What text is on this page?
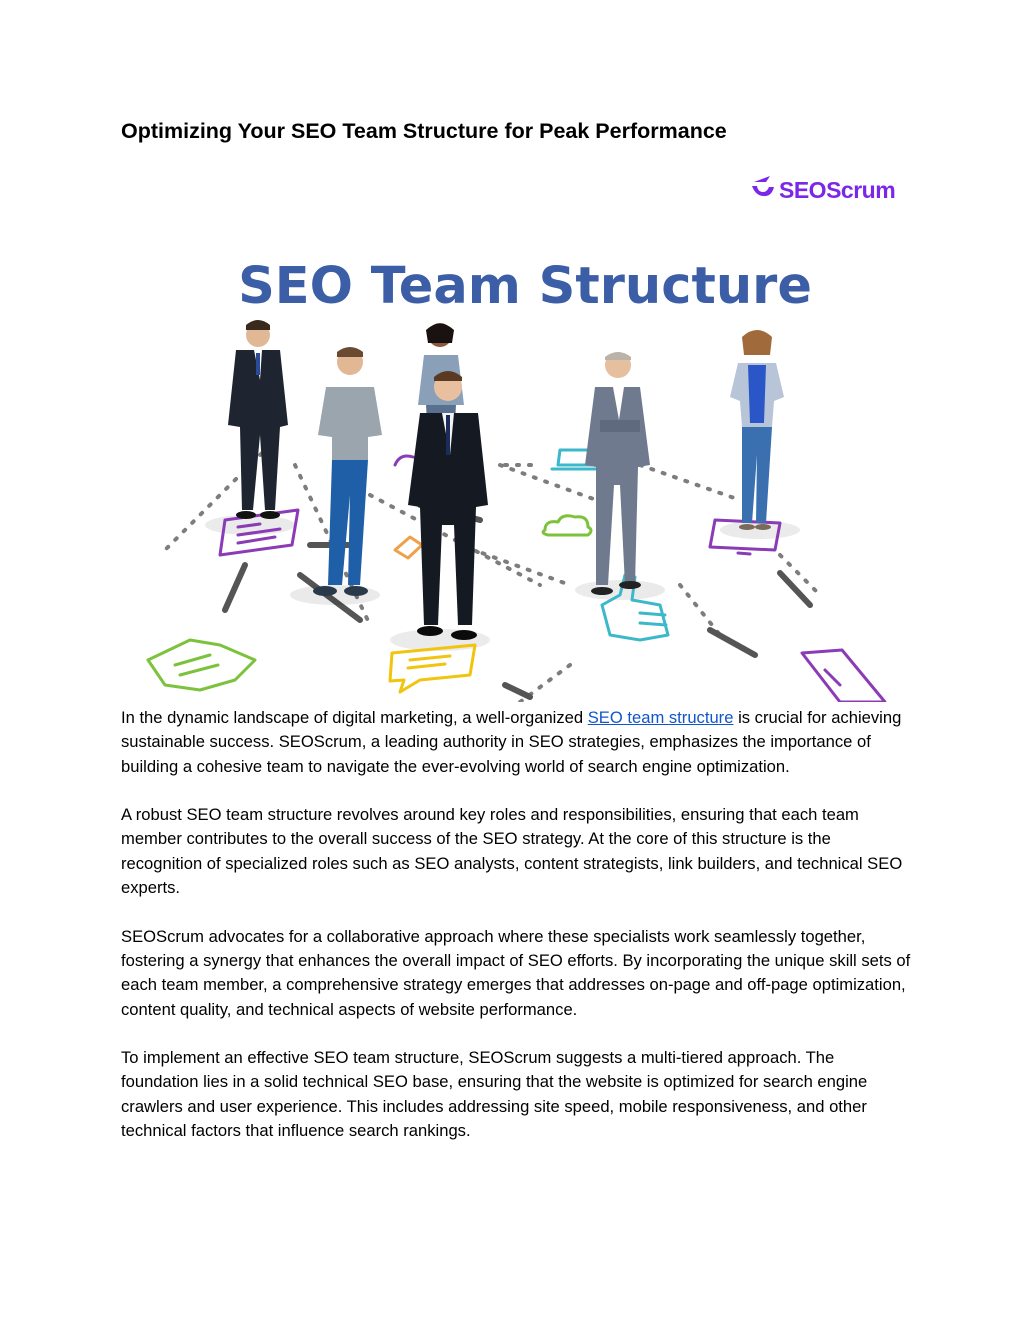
Optimizing Your SEO Team Structure for Peak Performance
SEOScrum
SEO Team Structure

In the dynamic landscape of digital marketing, a well-organized SEO team structure is crucial for achieving sustainable success. SEOScrum, a leading authority in SEO strategies, emphasizes the importance of building a cohesive team to navigate the ever-evolving world of search engine optimization.

A robust SEO team structure revolves around key roles and responsibilities, ensuring that each team member contributes to the overall success of the SEO strategy. At the core of this structure is the recognition of specialized roles such as SEO analysts, content strategists, link builders, and technical SEO experts.

SEOScrum advocates for a collaborative approach where these specialists work seamlessly together, fostering a synergy that enhances the overall impact of SEO efforts. By incorporating the unique skill sets of each team member, a comprehensive strategy emerges that addresses on-page and off-page optimization, content quality, and technical aspects of website performance.

To implement an effective SEO team structure, SEOScrum suggests a multi-tiered approach. The foundation lies in a solid technical SEO base, ensuring that the website is optimized for search engine crawlers and user experience. This includes addressing site speed, mobile responsiveness, and other technical factors that influence search rankings.
